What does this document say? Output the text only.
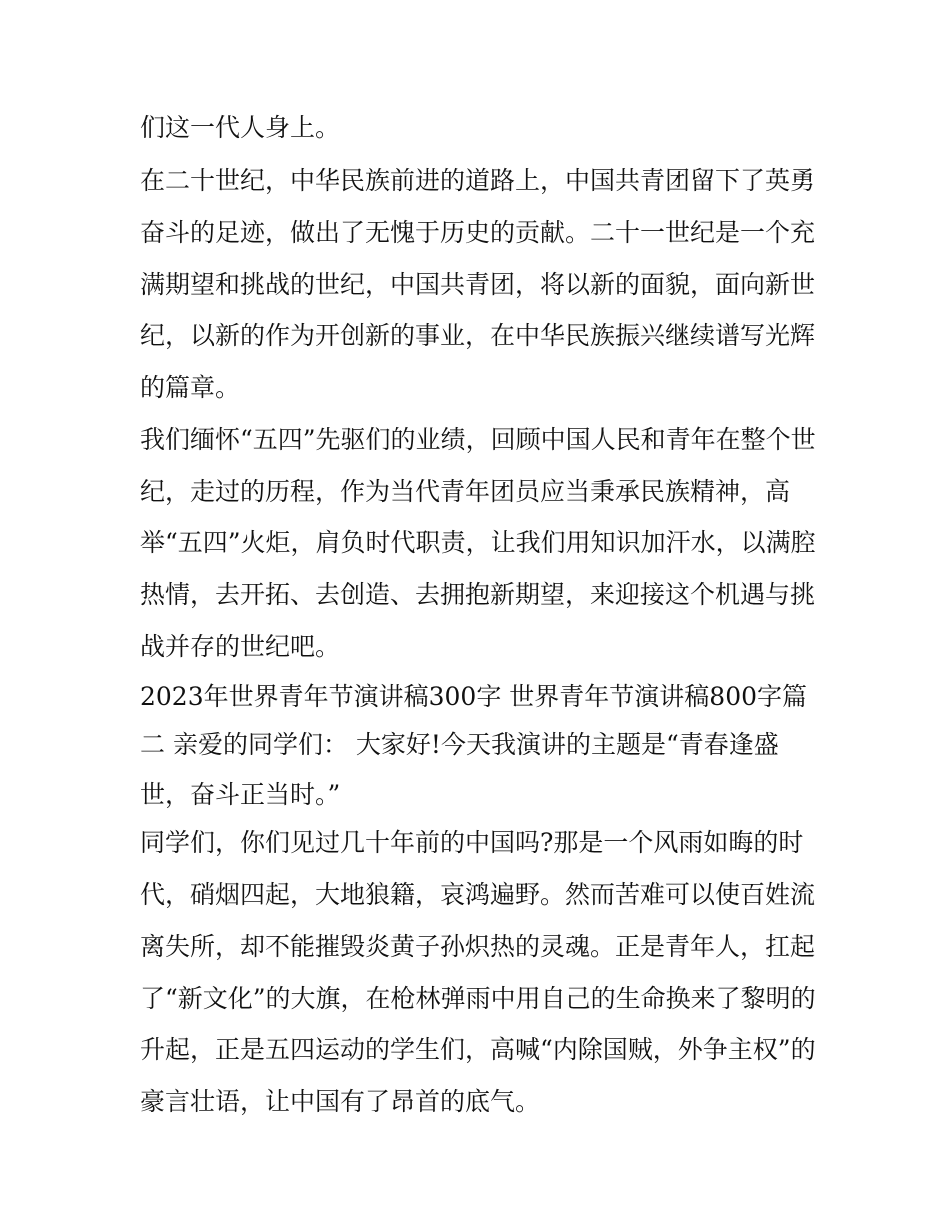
们这一代人身上。
在二十世纪，中华民族前进的道路上，中国共青团留下了英勇
奋斗的足迹，做出了无愧于历史的贡献。二十一世纪是一个充
满期望和挑战的世纪，中国共青团，将以新的面貌，面向新世
纪，以新的作为开创新的事业，在中华民族振兴继续谱写光辉
的篇章。
我们缅怀“五四”先驱们的业绩，回顾中国人民和青年在整个世
纪，走过的历程，作为当代青年团员应当秉承民族精神，高
举“五四”火炬，肩负时代职责，让我们用知识加汗水，以满腔
热情，去开拓、去创造、去拥抱新期望，来迎接这个机遇与挑
战并存的世纪吧。
2023年世界青年节演讲稿300字 世界青年节演讲稿800字篇
二 亲爱的同学们： 大家好!今天我演讲的主题是“青春逢盛
世，奋斗正当时。”
同学们，你们见过几十年前的中国吗?那是一个风雨如晦的时
代，硝烟四起，大地狼籍，哀鸿遍野。然而苦难可以使百姓流
离失所，却不能摧毁炎黄子孙炽热的灵魂。正是青年人，扛起
了“新文化”的大旗，在枪林弹雨中用自己的生命换来了黎明的
升起，正是五四运动的学生们，高喊“内除国贼，外争主权”的
豪言壮语，让中国有了昂首的底气。
